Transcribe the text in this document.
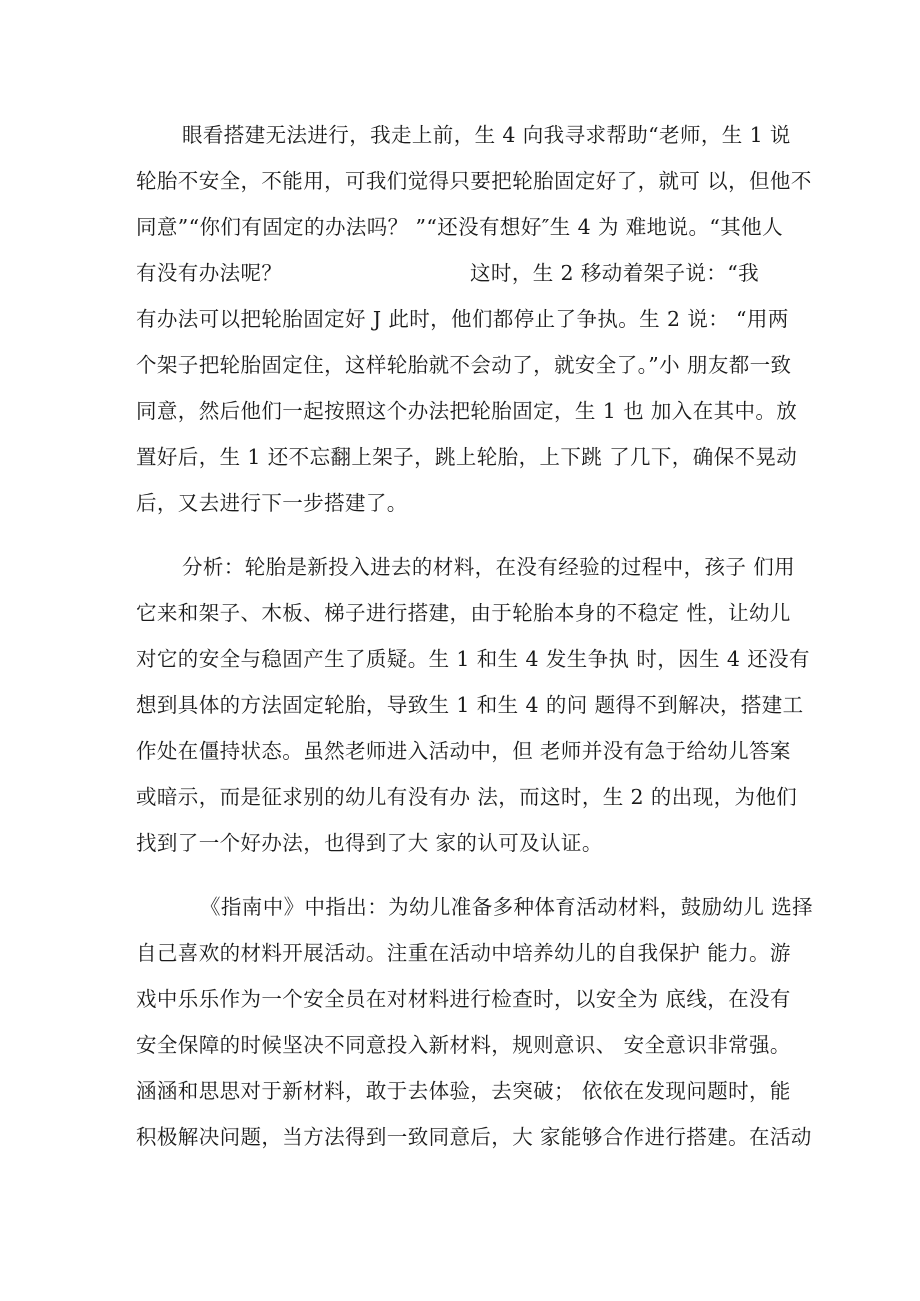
眼看搭建无法进行，我走上前，生 4 向我寻求帮助“老师，生 1 说
轮胎不安全，不能用，可我们觉得只要把轮胎固定好了，就可 以，但他不
同意”“你们有固定的办法吗？ ”“还没有想好″生 4 为 难地说。“其他人
有没有办法呢？	这时，生 2 移动着架子说：“我
有办法可以把轮胎固定好 J 此时，他们都停止了争执。生 2 说： “用两
个架子把轮胎固定住，这样轮胎就不会动了，就安全了。”小 朋友都一致
同意，然后他们一起按照这个办法把轮胎固定，生 1 也 加入在其中。放
置好后，生 1 还不忘翻上架子，跳上轮胎，上下跳 了几下，确保不晃动
后，又去进行下一步搭建了。
分析：轮胎是新投入进去的材料，在没有经验的过程中，孩子 们用
它来和架子、木板、梯子进行搭建，由于轮胎本身的不稳定 性，让幼儿
对它的安全与稳固产生了质疑。生 1 和生 4 发生争执 时，因生 4 还没有
想到具体的方法固定轮胎，导致生 1 和生 4 的问 题得不到解决，搭建工
作处在僵持状态。虽然老师进入活动中，但 老师并没有急于给幼儿答案
或暗示，而是征求别的幼儿有没有办 法，而这时，生 2 的出现，为他们
找到了一个好办法，也得到了大 家的认可及认证。
《指南中》中指出：为幼儿准备多种体育活动材料，鼓励幼儿 选择
自己喜欢的材料开展活动。注重在活动中培养幼儿的自我保护 能力。游
戏中乐乐作为一个安全员在对材料进行检查时，以安全为 底线，在没有
安全保障的时候坚决不同意投入新材料，规则意识、 安全意识非常强。
涵涵和思思对于新材料，敢于去体验，去突破； 依依在发现问题时，能
积极解决问题，当方法得到一致同意后，大 家能够合作进行搭建。在活动
